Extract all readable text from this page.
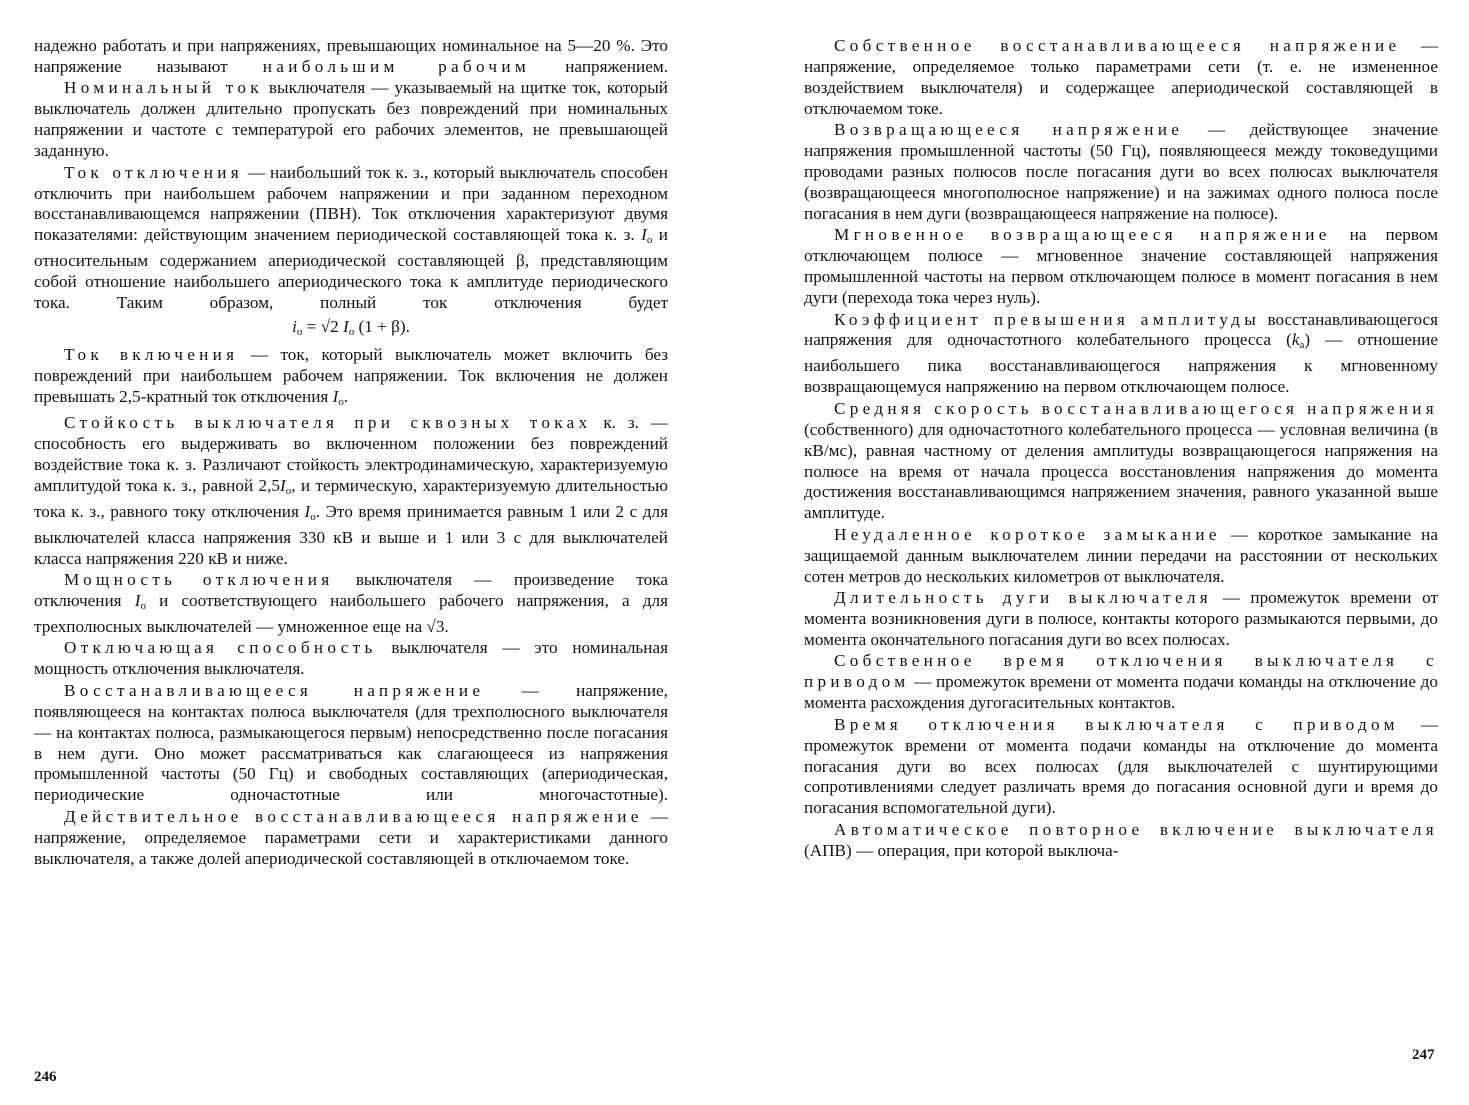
надежно работать и при напряжениях, превышающих номинальное на 5—20 %. Это напряжение называют наибольшим рабочим напряжением.

Номинальный ток выключателя — указываемый на щитке ток, который выключатель должен длительно пропускать без повреждений при номинальных напряжении и частоте с температурой его рабочих элементов, не превышающей заданную.

Ток отключения — наибольший ток к. з., который выключатель способен отключить при наибольшем рабочем напряжении и при заданном переходном восстанавливающемся напряжении (ПВН). Ток отключения характеризуют двумя показателями: действующим значением периодической составляющей тока к. з. $I_о$ и относительным содержанием апериодической составляющей β, представляющим собой отношение наибольшего апериодического тока к амплитуде периодического тока. Таким образом, полный ток отключения будет

$i_о = √2$ $I_о$ (1 + β).

Ток включения — ток, который выключатель может включить без повреждений при наибольшем рабочем напряжении. Ток включения не должен превышать 2,5-кратный ток отключения $I_о$.

Стойкость выключателя при сквозных токах к. з. — способность его выдерживать во включенном положении без повреждений воздействие тока к. з. Различают стойкость электродинамическую, характеризуемую амплитудой тока к. з., равной $2,5I_о$, и термическую, характеризуемую длительностью тока к. з., равного току отключения $I_о$. Это время принимается равным 1 или 2 с для выключателей класса напряжения 330 кВ и выше и 1 или 3 с для выключателей класса напряжения 220 кВ и ниже.

Мощность отключения выключателя — произведение тока отключения $I_о$ и соответствующего наибольшего рабочего напряжения, а для трехполюсных выключателей — умноженное еще на √3.

Отключающая способность выключателя — это номинальная мощность отключения выключателя.

Восстанавливающееся напряжение — напряжение, появляющееся на контактах полюса выключателя (для трехполюсного выключателя — на контактах полюса, размыкающегося первым) непосредственно после погасания в нем дуги. Оно может рассматриваться как слагающееся из напряжения промышленной частоты (50 Гц) и свободных составляющих (апериодическая, периодические одночастотные или многочастотные).

Действительное восстанавливающееся напряжение — напряжение, определяемое параметрами сети и характеристиками данного выключателя, а также долей апериодической составляющей в отключаемом токе.

246

Собственное восстанавливающееся напряжение — напряжение, определяемое только параметрами сети (т. е. не измененное воздействием выключателя) и содержащее апериодической составляющей в отключаемом токе.

Возвращающееся напряжение — действующее значение напряжения промышленной частоты (50 Гц), появляющееся между токоведущими проводами разных полюсов после погасания дуги во всех полюсах выключателя (возвращающееся многополюсное напряжение) и на зажимах одного полюса после погасания в нем дуги (возвращающееся напряжение на полюсе).

Мгновенное возвращающееся напряжение на первом отключающем полюсе — мгновенное значение составляющей напряжения промышленной частоты на первом отключающем полюсе в момент погасания в нем дуги (перехода тока через нуль).

Коэффициент превышения амплитуды восстанавливающегося напряжения для одночастотного колебательного процесса $(k_а)$ — отношение наибольшего пика восстанавливающегося напряжения к мгновенному возвращающемуся напряжению на первом отключающем полюсе.

Средняя скорость восстанавливающегося напряжения (собственного) для одночастотного колебательного процесса — условная величина (в кВ/мс), равная частному от деления амплитуды возвращающегося напряжения на полюсе на время от начала процесса восстановления напряжения до момента достижения восстанавливающимся напряжением значения, равного указанной выше амплитуде.

Неудаленное короткое замыкание — короткое замыкание на защищаемой данным выключателем линии передачи на расстоянии от нескольких сотен метров до нескольких километров от выключателя.

Длительность дуги выключателя — промежуток времени от момента возникновения дуги в полюсе, контакты которого размыкаются первыми, до момента окончательного погасания дуги во всех полюсах.

Собственное время отключения выключателя с приводом — промежуток времени от момента подачи команды на отключение до момента расхождения дугогасительных контактов.

Время отключения выключателя с приводом — промежуток времени от момента подачи команды на отключение до момента погасания дуги во всех полюсах (для выключателей с шунтирующими сопротивлениями следует различать время до погасания основной дуги и время до погасания вспомогательной дуги).

Автоматическое повторное включение выключателя (АПВ) — операция, при которой выключа-

247
